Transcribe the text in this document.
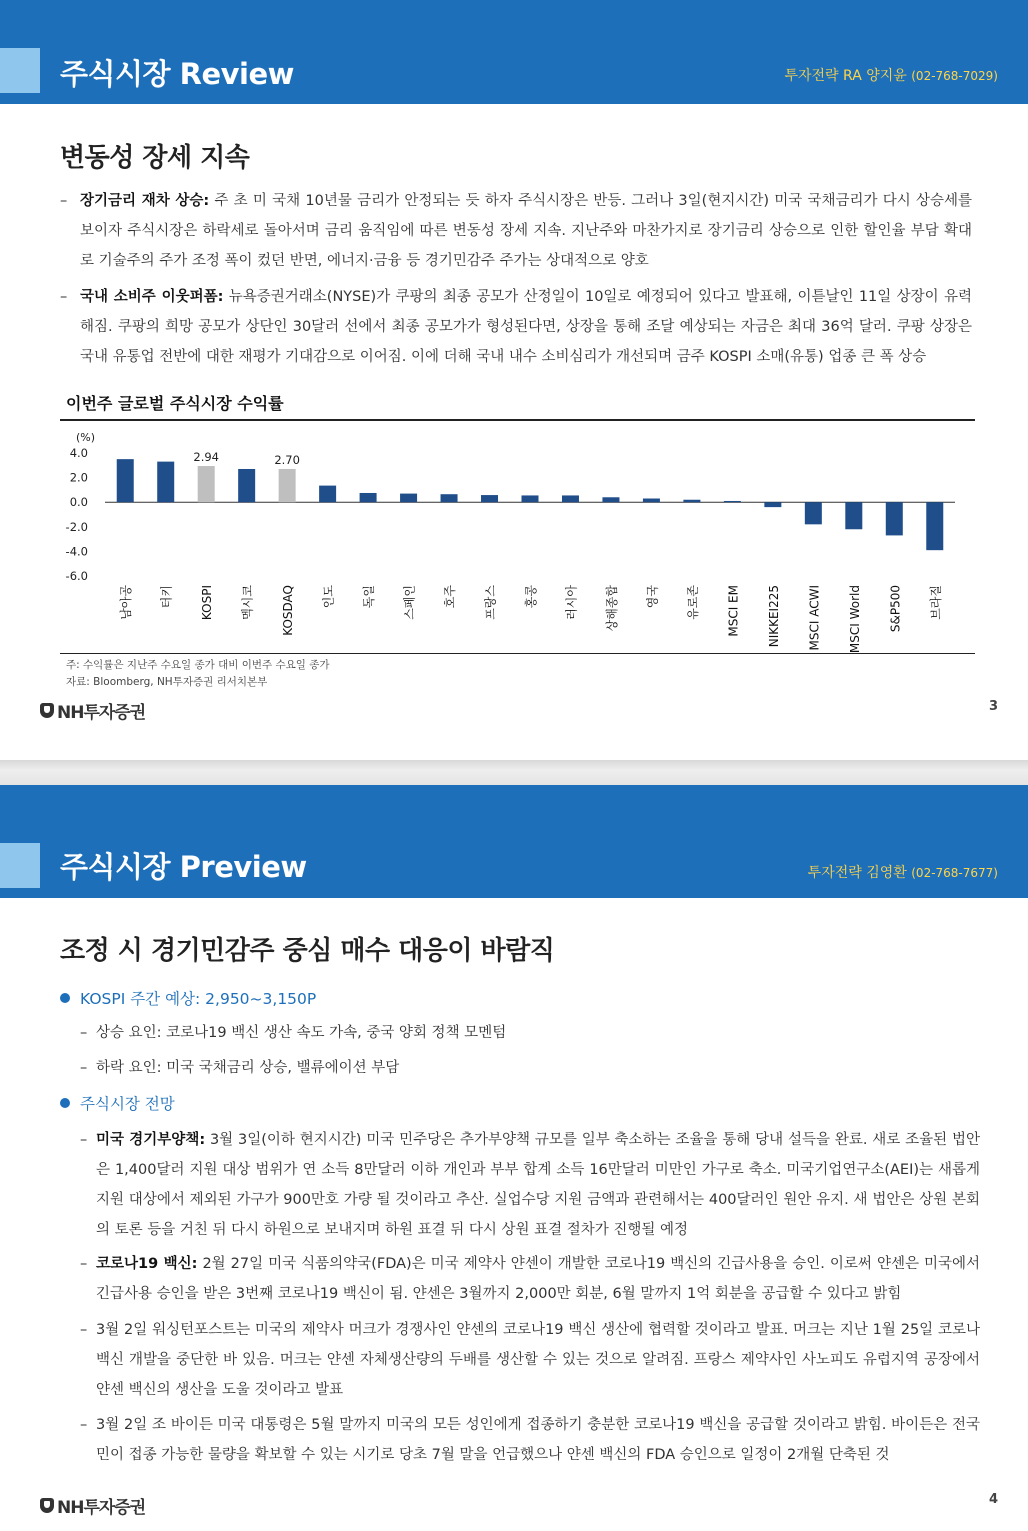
주식시장 Review	투자전략 RA 양지윤 (02-768-7029)
변동성 장세 지속
– 장기금리 재차 상승: 주 초 미 국채 10년물 금리가 안정되는 듯 하자 주식시장은 반등. 그러나 3일(현지시간) 미국 국채금리가 다시 상승세를 보이자 주식시장은 하락세로 돌아서며 금리 움직임에 따른 변동성 장세 지속. 지난주와 마찬가지로 장기금리 상승으로 인한 할인율 부담 확대로 기술주의 주가 조정 폭이 컸던 반면, 에너지·금융 등 경기민감주 주가는 상대적으로 양호
– 국내 소비주 이웃퍼폼: 뉴욕증권거래소(NYSE)가 쿠팡의 최종 공모가 산정일이 10일로 예정되어 있다고 발표해, 이튿날인 11일 상장이 유력해짐. 쿠팡의 희망 공모가 상단인 30달러 선에서 최종 공모가가 형성된다면, 상장을 통해 조달 예상되는 자금은 최대 36억 달러. 쿠팡 상장은 국내 유통업 전반에 대한 재평가 기대감으로 이어짐. 이에 더해 국내 내수 소비심리가 개선되며 금주 KOSPI 소매(유통) 업종 큰 폭 상승
이번주 글로벌 주식시장 수익률
(%)
4.0
2.0
0.0
-2.0
-4.0
-6.0
남아공 터키
2.94
KOSPI 멕시코
2.70
KOSDAQ 인도 독일 스페인 호주 프랑스 홍콩 러시아 상해종합 영국 유로존 MSCI EM NIKKEI225 MSCI ACWI MSCI World S&P500 브라질
주: 수익률은 지난주 수요일 종가 대비 이번주 수요일 종가
자료: Bloomberg, NH투자증권 리서치본부
NH투자증권	3
주식시장 Preview	투자전략 김영환 (02-768-7677)
조정 시 경기민감주 중심 매수 대응이 바람직
KOSPI 주간 예상: 2,950~3,150P
– 상승 요인: 코로나19 백신 생산 속도 가속, 중국 양회 정책 모멘텀
– 하락 요인: 미국 국채금리 상승, 밸류에이션 부담
주식시장 전망
– 미국 경기부양책: 3월 3일(이하 현지시간) 미국 민주당은 추가부양책 규모를 일부 축소하는 조율을 통해 당내 설득을 완료. 새로 조율된 법안은 1,400달러 지원 대상 범위가 연 소득 8만달러 이하 개인과 부부 합계 소득 16만달러 미만인 가구로 축소. 미국기업연구소(AEI)는 새롭게 지원 대상에서 제외된 가구가 900만호 가량 될 것이라고 추산. 실업수당 지원 금액과 관련해서는 400달러인 원안 유지. 새 법안은 상원 본회의 토론 등을 거친 뒤 다시 하원으로 보내지며 하원 표결 뒤 다시 상원 표결 절차가 진행될 예정
– 코로나19 백신: 2월 27일 미국 식품의약국(FDA)은 미국 제약사 얀센이 개발한 코로나19 백신의 긴급사용을 승인. 이로써 얀센은 미국에서 긴급사용 승인을 받은 3번째 코로나19 백신이 됨. 얀센은 3월까지 2,000만 회분, 6월 말까지 1억 회분을 공급할 수 있다고 밝힘
– 3월 2일 워싱턴포스트는 미국의 제약사 머크가 경쟁사인 얀센의 코로나19 백신 생산에 협력할 것이라고 발표. 머크는 지난 1월 25일 코로나 백신 개발을 중단한 바 있음. 머크는 얀센 자체생산량의 두배를 생산할 수 있는 것으로 알려짐. 프랑스 제약사인 사노피도 유럽지역 공장에서 얀센 백신의 생산을 도울 것이라고 발표
– 3월 2일 조 바이든 미국 대통령은 5월 말까지 미국의 모든 성인에게 접종하기 충분한 코로나19 백신을 공급할 것이라고 밝힘. 바이든은 전국민이 접종 가능한 물량을 확보할 수 있는 시기로 당초 7월 말을 언급했으나 얀센 백신의 FDA 승인으로 일정이 2개월 단축된 것
NH투자증권	4
